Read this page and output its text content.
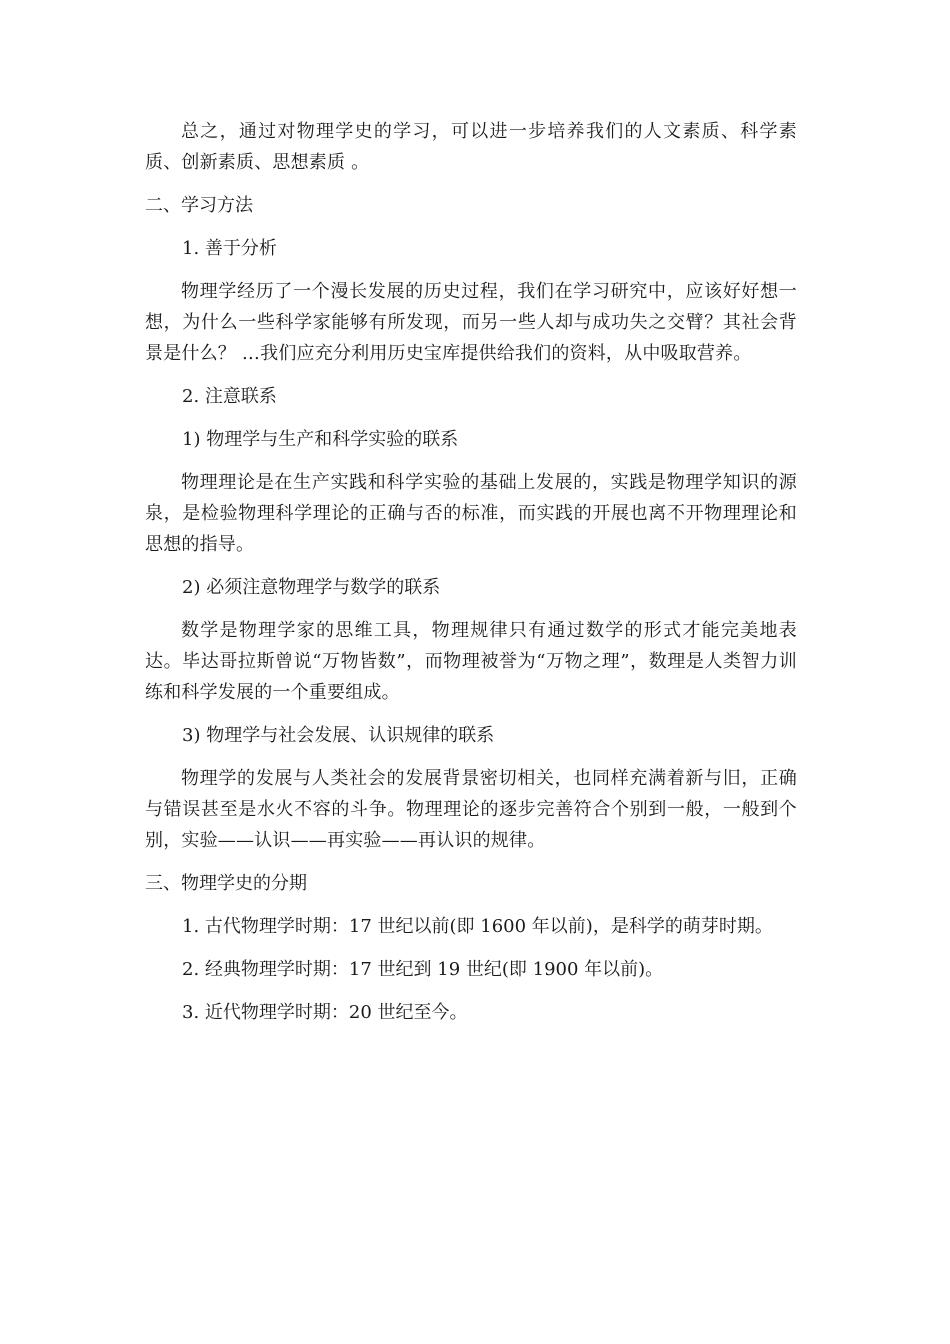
总之，通过对物理学史的学习，可以进一步培养我们的人文素质、科学素质、创新素质、思想素质 。

二、学习方法

1. 善于分析

物理学经历了一个漫长发展的历史过程，我们在学习研究中，应该好好想一想，为什么一些科学家能够有所发现，而另一些人却与成功失之交臂？其社会背景是什么？ …我们应充分利用历史宝库提供给我们的资料，从中吸取营养。

2. 注意联系

1) 物理学与生产和科学实验的联系

物理理论是在生产实践和科学实验的基础上发展的，实践是物理学知识的源泉，是检验物理科学理论的正确与否的标准，而实践的开展也离不开物理理论和思想的指导。

2) 必须注意物理学与数学的联系

数学是物理学家的思维工具，物理规律只有通过数学的形式才能完美地表达。毕达哥拉斯曾说“万物皆数”，而物理被誉为“万物之理”，数理是人类智力训练和科学发展的一个重要组成。

3) 物理学与社会发展、认识规律的联系

物理学的发展与人类社会的发展背景密切相关，也同样充满着新与旧，正确与错误甚至是水火不容的斗争。物理理论的逐步完善符合个别到一般，一般到个别，实验——认识——再实验——再认识的规律。

三、物理学史的分期

1. 古代物理学时期：17 世纪以前(即 1600 年以前)，是科学的萌芽时期。

2. 经典物理学时期：17 世纪到 19 世纪(即 1900 年以前)。

3. 近代物理学时期：20 世纪至今。
